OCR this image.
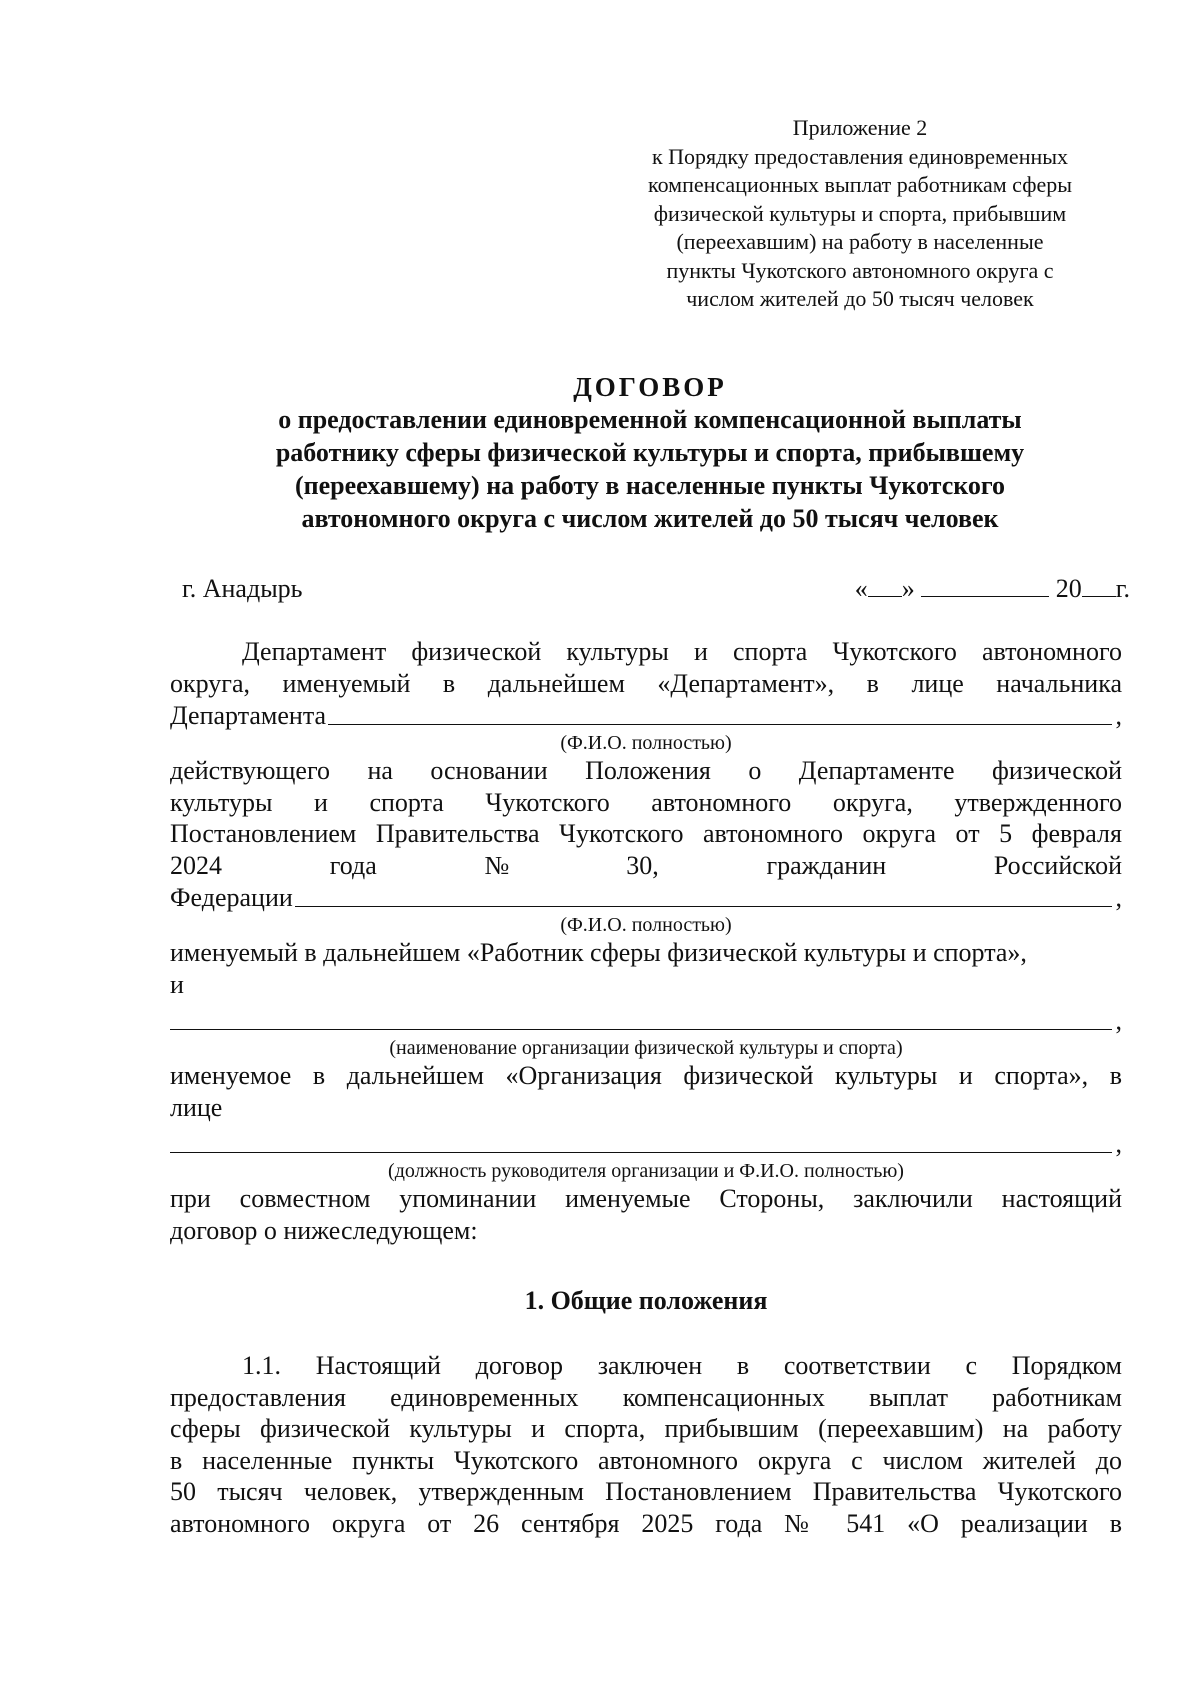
Приложение 2
к Порядку предоставления единовременных
компенсационных выплат работникам сферы
физической культуры и спорта, прибывшим
(переехавшим) на работу в населенные
пункты Чукотского автономного округа с
числом жителей до 50 тысяч человек
ДОГОВОР
о предоставлении единовременной компенсационной выплаты
работнику сферы физической культуры и спорта, прибывшему
(переехавшему) на работу в населенные пункты Чукотского
автономного округа с числом жителей до 50 тысяч человек
г. Анадырь	« »	20 г.
Департамент физической культуры и спорта Чукотского автономного
округа, именуемый в дальнейшем «Департамент», в лице начальника
Департамента	,
(Ф.И.О. полностью)
действующего на основании Положения о Департаменте физической
культуры и спорта Чукотского автономного округа, утвержденного
Постановлением Правительства Чукотского автономного округа от 5 февраля
2024 года № 30, гражданин Российской
Федерации	,
(Ф.И.О. полностью)
именуемый в дальнейшем «Работник сферы физической культуры и спорта»,
и
,
(наименование организации физической культуры и спорта)
именуемое в дальнейшем «Организация физической культуры и спорта», в
лице
,
(должность руководителя организации и Ф.И.О. полностью)
при совместном упоминании именуемые Стороны, заключили настоящий
договор о нижеследующем:
1. Общие положения
1.1. Настоящий договор заключен в соответствии с Порядком
предоставления единовременных компенсационных выплат работникам
сферы физической культуры и спорта, прибывшим (переехавшим) на работу
в населенные пункты Чукотского автономного округа с числом жителей до
50 тысяч человек, утвержденным Постановлением Правительства Чукотского
автономного округа от 26 сентября 2025 года № 541 «О реализации в
